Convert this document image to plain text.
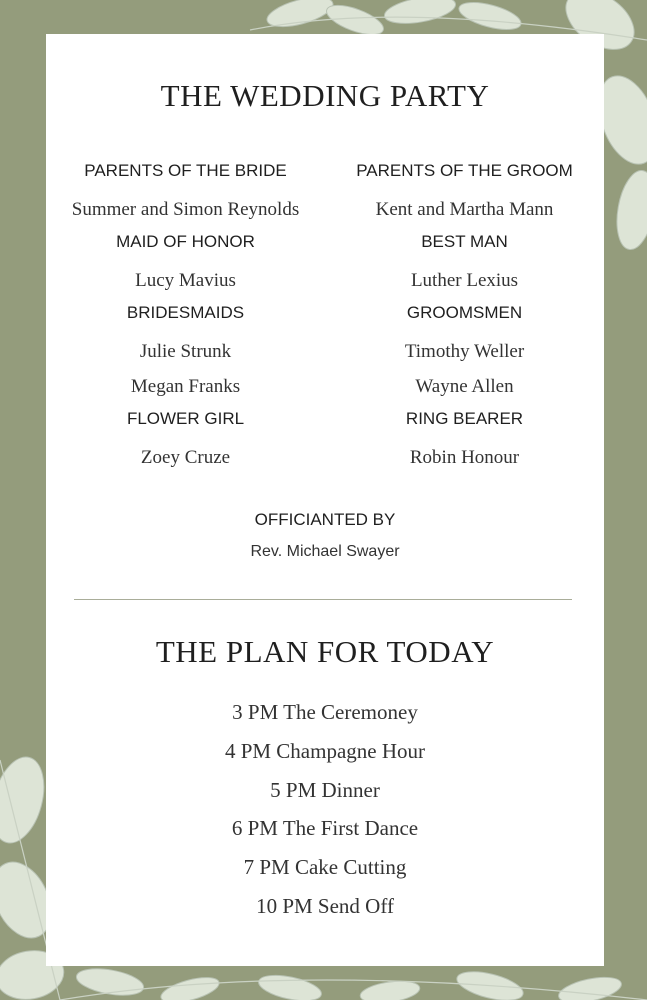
THE WEDDING PARTY
PARENTS OF THE BRIDE
Summer and Simon Reynolds
MAID OF HONOR
Lucy Mavius
BRIDESMAIDS
Julie Strunk
Megan Franks
FLOWER GIRL
Zoey Cruze
PARENTS OF THE GROOM
Kent and Martha Mann
BEST MAN
Luther Lexius
GROOMSMEN
Timothy Weller
Wayne Allen
RING BEARER
Robin Honour
OFFICIANTED BY
Rev. Michael Swayer
THE PLAN FOR TODAY
3 PM The Ceremoney
4 PM Champagne Hour
5 PM Dinner
6 PM The First Dance
7 PM Cake Cutting
10 PM Send Off
